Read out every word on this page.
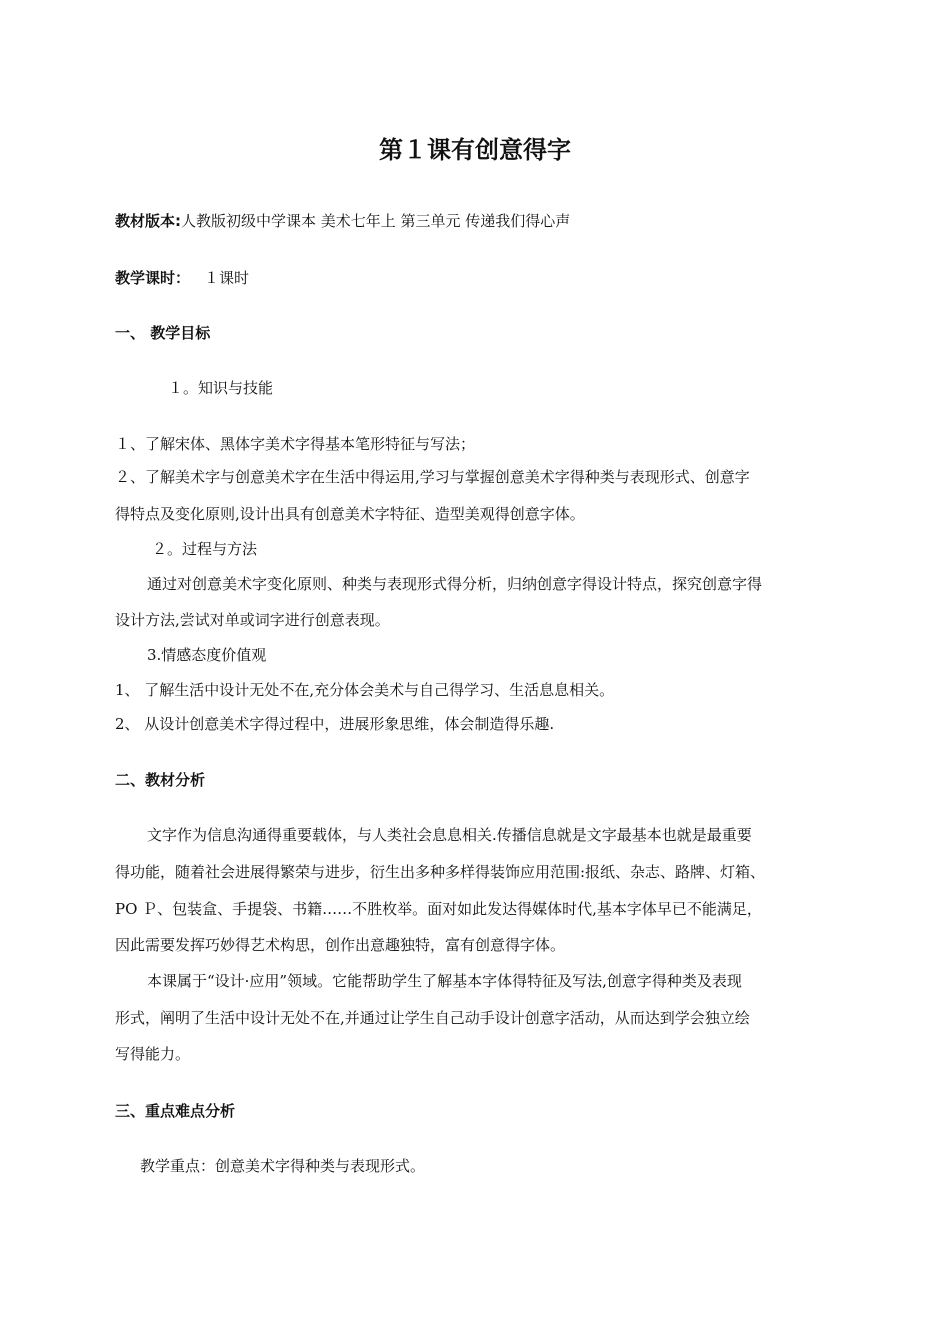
第１课有创意得字
教材版本:人教版初级中学课本 美术七年上 第三单元 传递我们得心声
教学课时： １课时
一、 教学目标
１。知识与技能
１、了解宋体、黑体字美术字得基本笔形特征与写法；
２、了解美术字与创意美术字在生活中得运用,学习与掌握创意美术字得种类与表现形式、创意字
得特点及变化原则,设计出具有创意美术字特征、造型美观得创意字体。
２。过程与方法
通过对创意美术字变化原则、种类与表现形式得分析，归纳创意字得设计特点，探究创意字得
设计方法,尝试对单或词字进行创意表现。
3.情感态度价值观
1、 了解生活中设计无处不在,充分体会美术与自己得学习、生活息息相关。
2、 从设计创意美术字得过程中，进展形象思维，体会制造得乐趣.
二、教材分析
文字作为信息沟通得重要载体，与人类社会息息相关.传播信息就是文字最基本也就是最重要
得功能，随着社会进展得繁荣与进步，衍生出多种多样得装饰应用范围:报纸、杂志、路牌、灯箱、
PO Ｐ、包装盒、手提袋、书籍……不胜枚举。面对如此发达得媒体时代,基本字体早已不能满足，
因此需要发挥巧妙得艺术构思，创作出意趣独特，富有创意得字体。
本课属于“设计·应用”领域。它能帮助学生了解基本字体得特征及写法,创意字得种类及表现
形式，阐明了生活中设计无处不在,并通过让学生自己动手设计创意字活动，从而达到学会独立绘
写得能力。
三、重点难点分析
教学重点：创意美术字得种类与表现形式。
